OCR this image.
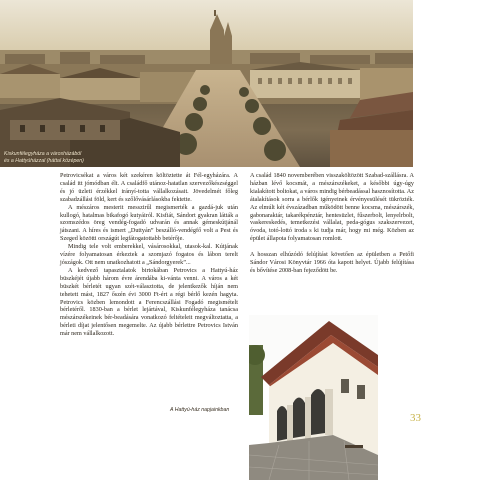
Kiskunfélegyháza a városházából
és a Hattyúházzal (háttal középen)

Petrovicsékat a város két szekéren költöztette át Fél-egyházára. A család itt jómódban élt. A családfő utánoz-hatatlan szervezőkészséggel és jó üzleti érzékkel irányí-totta vállalkozásait. Jövedelmét főleg szabadzállási föld, kert és szőlővásárlásokba fektette.

A mészáros mesterit messzirűl megismerték a gazdá-juk után kullogó, hatalmas bikafogó kutyáiról. Kisfiát, Sándort gyakran látták a szomszédos öreg vendég-fogadó udvarán és annak gémeskútjánál játszani. A híres és ismert „Duttyán” beszálló-vendégfő volt a Pest és Szeged közötti országút legfátogatottabb betérője.

Mindig tele volt emberekkel, vásárosokkal, utasok-kal. Kútjának vízére folyamatosan érkeztek a szomjazó fogatos és lábon terelt jószágok. Ott nem unatkozhatott a „Sándorgyerek”...

A kedvező tapasztalatok birtokában Petrovics a Hattyú-ház büszkéjét újabb három évre árendába ki-vánta venni. A város a két büszkét bérletét ugyan szét-választotta, de jelentkezők híján nem tehetett mást, 1827 őszén évi 3000 Ft-ért a régi bérlő kezén hagyta. Petrovics közben lemondott a Ferencszállási Fogadó megismételt bérletéről. 1830-ban a bérlet lejártával, Kiskunfélegyháza tanácsa mészárszékeinek bér-beadására vonatkozó feltételeit megváltoztatta, a bérleti díjat jelentősen megemelte. Az újabb bérlettre Petrovics István már nem vállalkozott.

A Hattyú-ház napjainkban

A család 1840 novemberében visszaköltözött Szabad-szállásra. A házban lévő kocsmát, a mészárszékeket, a későbbi úgy-úgy kialakított boltokat, a város mindig bérbeadással hasznosította. Az átalakítások sorra a bérlők igényeinek érvényesülését tükrözték. Az elmúlt két évszázadban működött benne kocsma, mészárszék, gabonaraktár, takarékpénztár, hentesüzlet, fűszerbolt, lenyelrbolt, vaskereskedés, temetkezési vállalat, peda-gógus szakszervezet, óvoda, totó-lottó iroda s ki tudja már, hogy mi még. Közben az épület állapota folyamatosan romlott.

A hosszan elhúzódó felújítást követően az épületben a Petőfi Sándor Városi Könyvtár 1966 óta kapott helyet. Újabb felújítása és bővítése 2008-ban fejeződött be.

33
